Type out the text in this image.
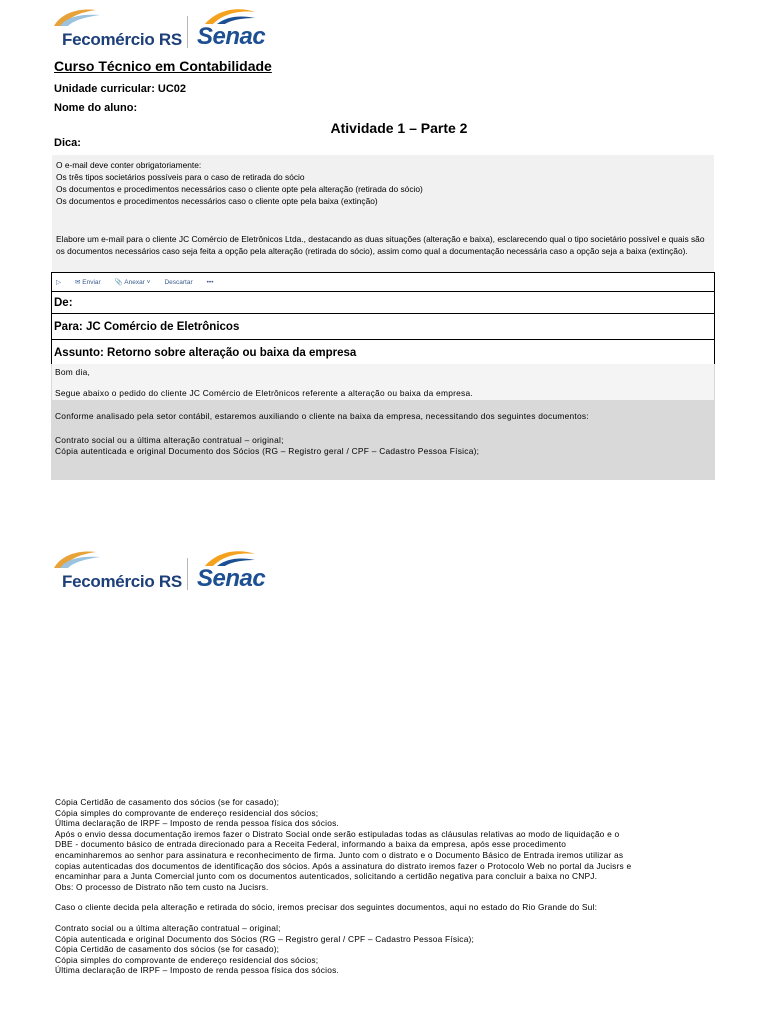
Fecomércio RS Senac
Curso Técnico em Contabilidade
Unidade curricular: UC02
Nome do aluno:
Atividade 1 – Parte 2
Dica:
O e-mail deve conter obrigatoriamente:
Os três tipos societários possíveis para o caso de retirada do sócio
Os documentos e procedimentos necessários caso o cliente opte pela alteração (retirada do sócio)
Os documentos e procedimentos necessários caso o cliente opte pela baixa (extinção)
Elabore um e-mail para o cliente JC Comércio de Eletrônicos Ltda., destacando as duas situações (alteração e baixa), esclarecendo qual o tipo societário possível e quais são os documentos necessários caso seja feita a opção pela alteração (retirada do sócio), assim como qual a documentação necessária caso a opção seja a baixa (extinção).
▷ ✉ Enviar 📎 Anexar ˅ Descartar •••
De:
Para: JC Comércio de Eletrônicos
Assunto: Retorno sobre alteração ou baixa da empresa
Bom dia,
Segue abaixo o pedido do cliente JC Comércio de Eletrônicos referente a alteração ou baixa da empresa.
Conforme analisado pela setor contábil, estaremos auxiliando o cliente na baixa da empresa, necessitando dos seguintes documentos:
Contrato social ou a última alteração contratual – original;
Cópia autenticada e original Documento dos Sócios (RG – Registro geral / CPF – Cadastro Pessoa Física);
Fecomércio RS Senac
Cópia Certidão de casamento dos sócios (se for casado);
Cópia simples do comprovante de endereço residencial dos sócios;
Última declaração de IRPF – Imposto de renda pessoa física dos sócios.
Após o envio dessa documentação iremos fazer o Distrato Social onde serão estipuladas todas as cláusulas relativas ao modo de liquidação e o
DBE - documento básico de entrada direcionado para a Receita Federal, informando a baixa da empresa, após esse procedimento
encaminharemos ao senhor para assinatura e reconhecimento de firma. Junto com o distrato e o Documento Básico de Entrada iremos utilizar as
copias autenticadas dos documentos de identificação dos sócios. Após a assinatura do distrato iremos fazer o Protocolo Web no portal da Jucisrs e
encaminhar para a Junta Comercial junto com os documentos autenticados, solicitando a certidão negativa para concluir a baixa no CNPJ.
Obs: O processo de Distrato não tem custo na Jucisrs.
Caso o cliente decida pela alteração e retirada do sócio, iremos precisar dos seguintes documentos, aqui no estado do Rio Grande do Sul:
Contrato social ou a última alteração contratual – original;
Cópia autenticada e original Documento dos Sócios (RG – Registro geral / CPF – Cadastro Pessoa Física);
Cópia Certidão de casamento dos sócios (se for casado);
Cópia simples do comprovante de endereço residencial dos sócios;
Última declaração de IRPF – Imposto de renda pessoa física dos sócios.
